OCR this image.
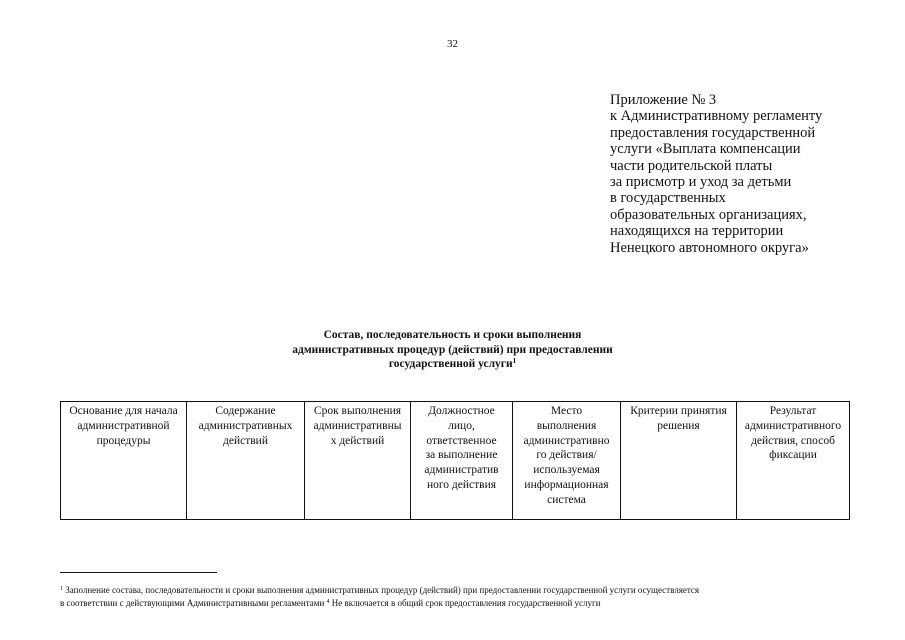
32
Приложение № 3
к Административному регламенту
предоставления государственной
услуги «Выплата компенсации
части родительской платы
за присмотр и уход за детьми
в государственных
образовательных организациях,
находящихся на территории
Ненецкого автономного округа»
Состав, последовательность и сроки выполнения
административных процедур (действий) при предоставлении
государственной услуги$^1$
Основание для начала
административной
процедуры	Содержание
административных
действий	Срок выполнения
административны
х действий	Должностное
лицо,
ответственное
за выполнение
административ
ного действия	Место
выполнения
административно
го действия/
используемая
информационная
система	Критерии принятия
решения	Результат
административного
действия, способ
фиксации
$^1$ Заполнение состава, последовательности и сроки выполнения административных процедур (действий) при предоставлении государственной услуги осуществляется
в соответствии с действующими Административными регламентами $^4$ Не включается в общий срок предоставления государственной услуги
